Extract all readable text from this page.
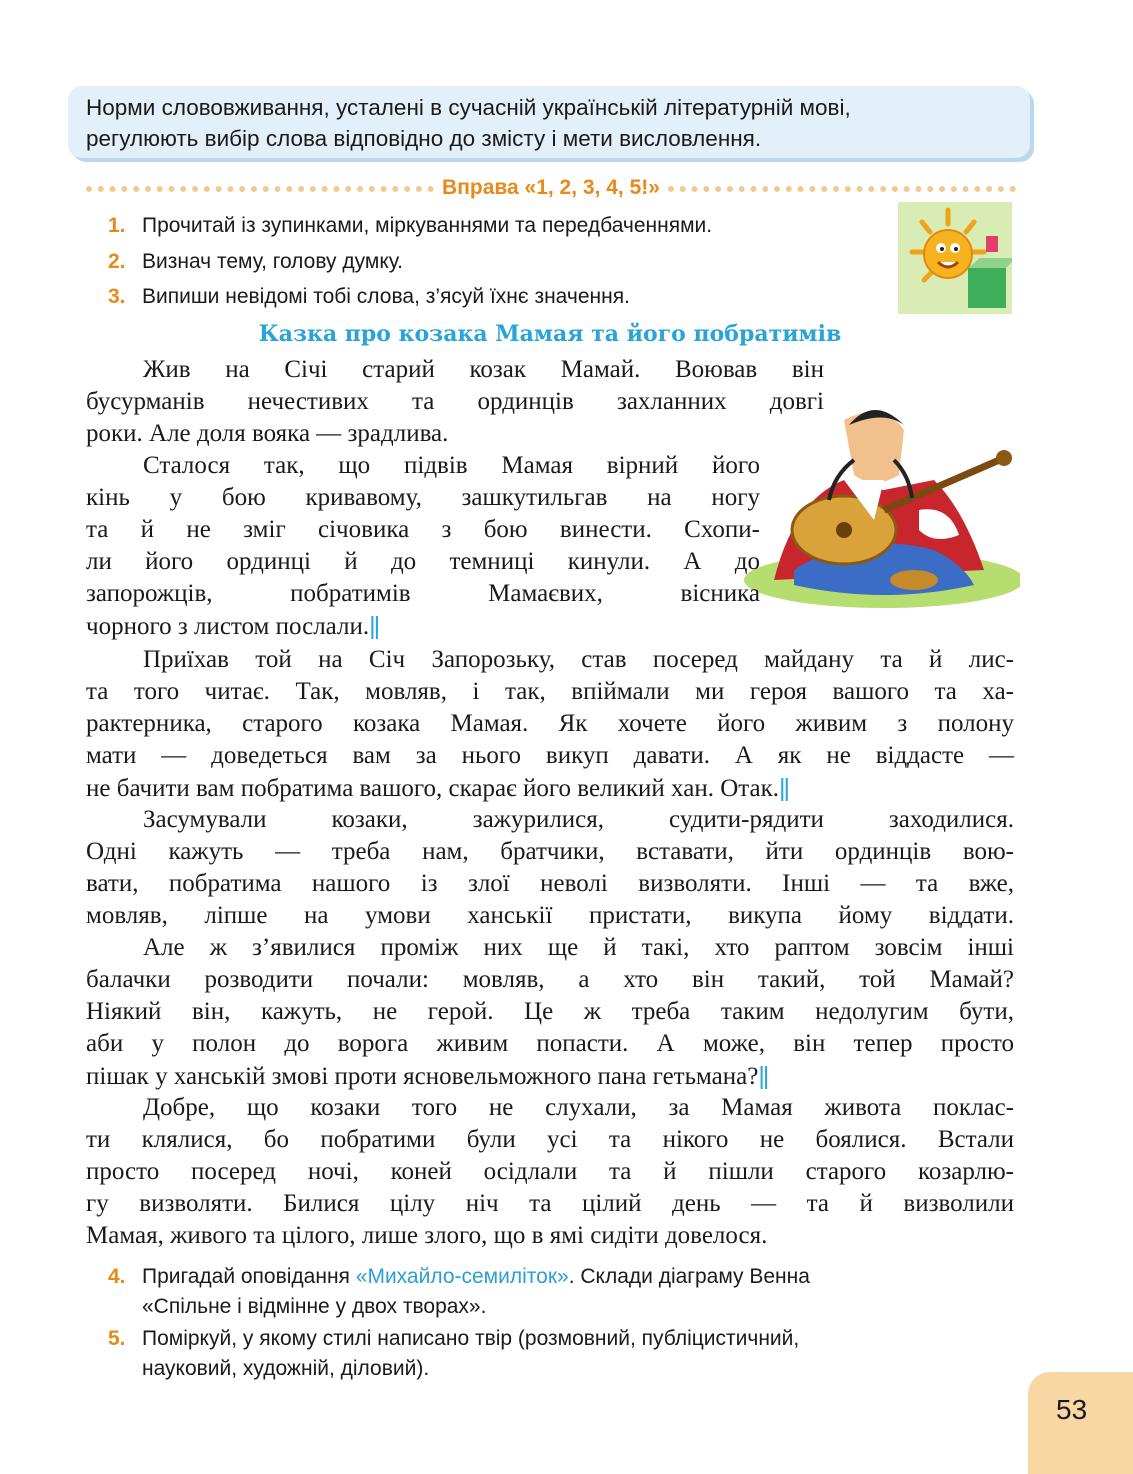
Норми слововживання, усталені в сучасній українській літературній мові,
регулюють вибір слова відповідно до змісту і мети висловлення.
Вправа «1, 2, 3, 4, 5!»
1. Прочитай із зупинками, міркуваннями та передбаченнями.
2. Визнач тему, голову думку.
3. Випиши невідомі тобі слова, з’ясуй їхнє значення.
Казка про козака Мамая та його побратимів
Жив на Січі старий козак Мамай. Воював він
бусурманів нечестивих та ординців захланних довгі
роки. Але доля вояка — зрадлива.
Сталося так, що підвів Мамая вірний його
кінь у бою кривавому, зашкутильгав на ногу
та й не зміг січовика з бою винести. Схопи-
ли його ординці й до темниці кинули. А до
запорожців, побратимів Мамаєвих, вісника
чорного з листом послали.||
Приїхав той на Січ Запорозьку, став посеред майдану та й лис-
та того читає. Так, мовляв, і так, впіймали ми героя вашого та ха-
рактерника, старого козака Мамая. Як хочете його живим з полону
мати — доведеться вам за нього викуп давати. А як не віддасте —
не бачити вам побратима вашого, скарає його великий хан. Отак.||
Засумували козаки, зажурилися, судити-рядити заходилися.
Одні кажуть — треба нам, братчики, вставати, йти ординців вою-
вати, побратима нашого із злої неволі визволяти. Інші — та вже,
мовляв, ліпше на умови ханськії пристати, викупа йому віддати.
Але ж з’явилися проміж них ще й такі, хто раптом зовсім інші
балачки розводити почали: мовляв, а хто він такий, той Мамай?
Ніякий він, кажуть, не герой. Це ж треба таким недолугим бути,
аби у полон до ворога живим попасти. А може, він тепер просто
пішак у ханській змові проти ясновельможного пана гетьмана?||
Добре, що козаки того не слухали, за Мамая живота поклас-
ти клялися, бо побратими були усі та нікого не боялися. Встали
просто посеред ночі, коней осідлали та й пішли старого козарлю-
гу визволяти. Билися цілу ніч та цілий день — та й визволили
Мамая, живого та цілого, лише злого, що в ямі сидіти довелося.
4. Пригадай оповідання «Михайло-семиліток». Склади діаграму Венна
«Спільне і відмінне у двох творах».
5. Поміркуй, у якому стилі написано твір (розмовний, публіцистичний,
науковий, художній, діловий).
53
